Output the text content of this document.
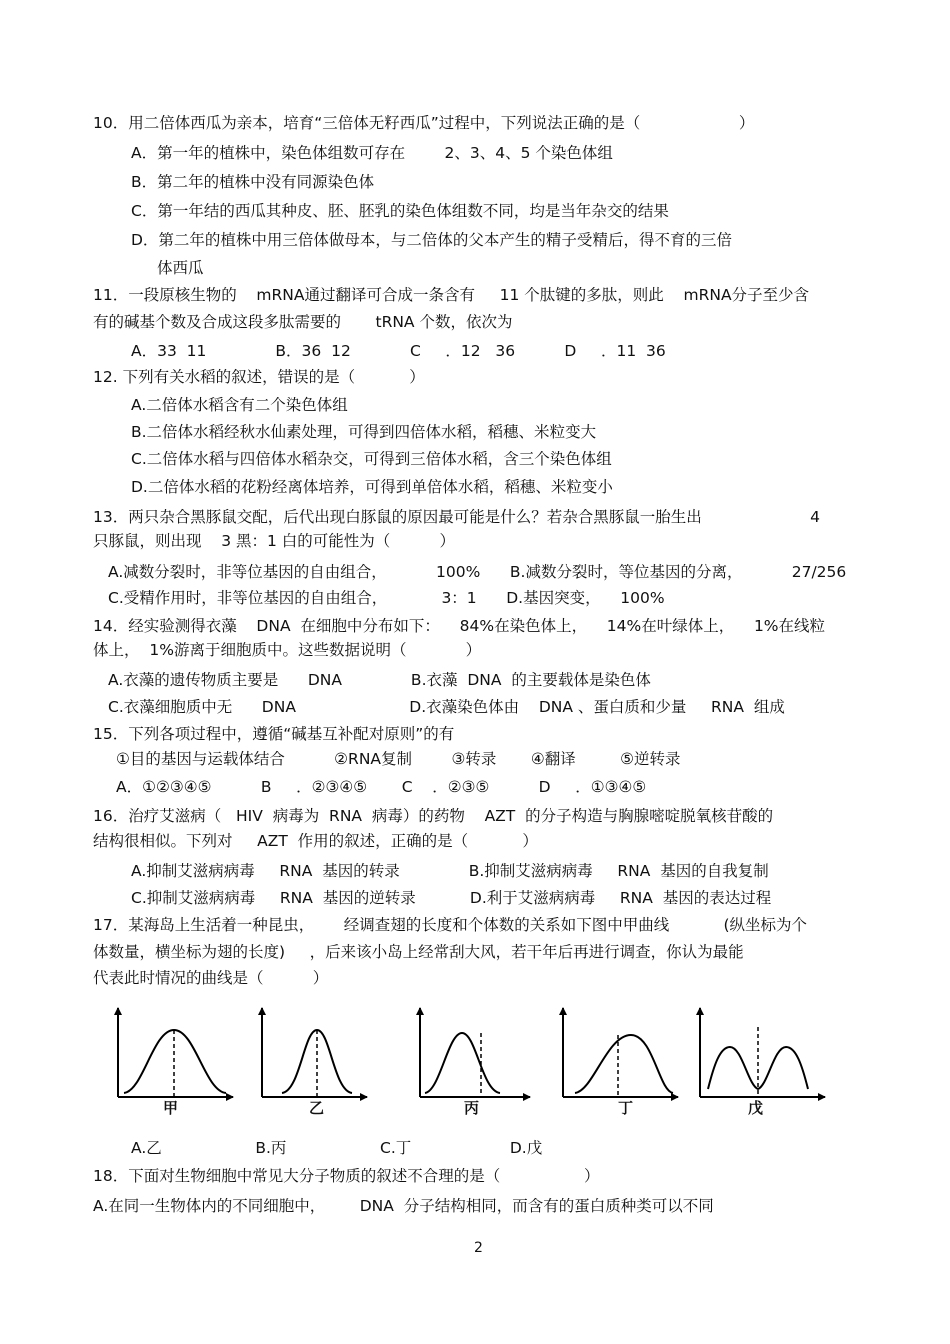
10．用二倍体西瓜为亲本，培育“三倍体无籽西瓜”过程中，下列说法正确的是（                    ）
A．第一年的植株中，染色体组数可存在        2、3、4、5 个染色体组
B．第二年的植株中没有同源染色体
C．第一年结的西瓜其种皮、胚、胚乳的染色体组数不同，均是当年杂交的结果
D．第二年的植株中用三倍体做母本，与二倍体的父本产生的精子受精后，得不育的三倍
体西瓜
11．一段原核生物的    mRNA通过翻译可合成一条含有     11 个肽键的多肽，则此    mRNA分子至少含
有的碱基个数及合成这段多肽需要的       tRNA 个数，依次为
A．33  11              B．36  12            C     ．12   36          D     ．11  36
12. 下列有关水稻的叙述，错误的是（           ）
A.二倍体水稻含有二个染色体组
B.二倍体水稻经秋水仙素处理，可得到四倍体水稻，稻穗、米粒变大
C.二倍体水稻与四倍体水稻杂交，可得到三倍体水稻，含三个染色体组
D.二倍体水稻的花粉经离体培养，可得到单倍体水稻，稻穗、米粒变小
13．两只杂合黑豚鼠交配，后代出现白豚鼠的原因最可能是什么？若杂合黑豚鼠一胎生出                      4
只豚鼠，则出现    3 黑：1 白的可能性为（          ）
A.减数分裂时，非等位基因的自由组合，          100%      B.减数分裂时，等位基因的分离，          27/256
C.受精作用时，非等位基因的自由组合，           3：1      D.基因突变，    100%
14．经实验测得衣藻    DNA  在细胞中分布如下：    84%在染色体上，    14%在叶绿体上，    1%在线粒
体上，  1%游离于细胞质中。这些数据说明（            ）
A.衣藻的遗传物质主要是      DNA              B.衣藻  DNA  的主要载体是染色体
C.衣藻细胞质中无      DNA                       D.衣藻染色体由    DNA 、蛋白质和少量     RNA  组成
15．下列各项过程中，遵循“碱基互补配对原则”的有
①目的基因与运载体结合          ②RNA复制        ③转录       ④翻译         ⑤逆转录
A．①②③④⑤          B     ．②③④⑤       C    ．②③⑤          D     ．①③④⑤
16．治疗艾滋病（   HIV  病毒为  RNA  病毒）的药物    AZT  的分子构造与胸腺嘧啶脱氧核苷酸的
结构很相似。下列对     AZT  作用的叙述，正确的是（           ）
A.抑制艾滋病病毒     RNA  基因的转录              B.抑制艾滋病病毒     RNA  基因的自我复制
C.抑制艾滋病病毒     RNA  基因的逆转录           D.利于艾滋病病毒     RNA  基因的表达过程
17．某海岛上生活着一种昆虫，      经调查翅的长度和个体数的关系如下图中甲曲线           (纵坐标为个
体数量，横坐标为翅的长度)     ，后来该小岛上经常刮大风，若干年后再进行调查，你认为最能
代表此时情况的曲线是（          ）
甲	乙	丙	丁	戊
A.乙                   B.丙                   C.丁                    D.戊
18．下面对生物细胞中常见大分子物质的叙述不合理的是（                 ）
A.在同一生物体内的不同细胞中，       DNA  分子结构相同，而含有的蛋白质种类可以不同
2
